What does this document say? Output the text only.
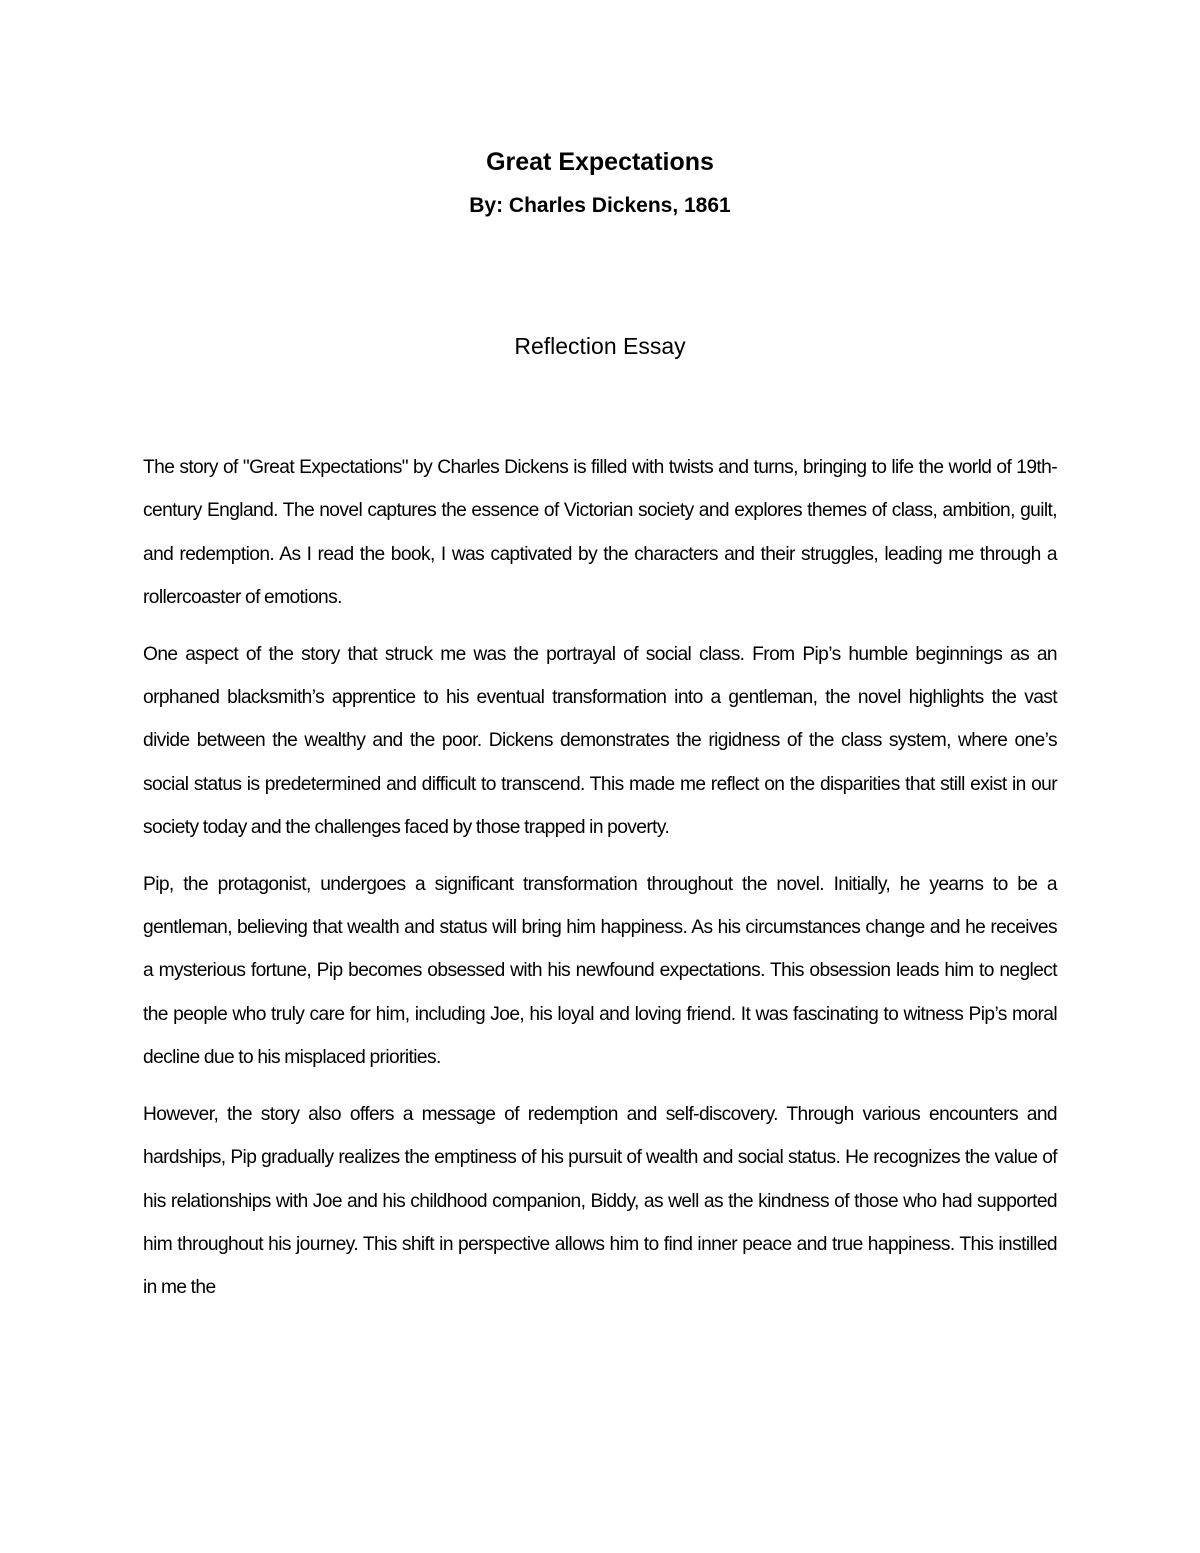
Great Expectations
By: Charles Dickens, 1861
Reflection Essay

The story of "Great Expectations" by Charles Dickens is filled with twists and turns, bringing to life the world of 19th-century England. The novel captures the essence of Victorian society and explores themes of class, ambition, guilt, and redemption. As I read the book, I was captivated by the characters and their struggles, leading me through a rollercoaster of emotions.

One aspect of the story that struck me was the portrayal of social class. From Pip’s humble beginnings as an orphaned blacksmith’s apprentice to his eventual transformation into a gentleman, the novel highlights the vast divide between the wealthy and the poor. Dickens demonstrates the rigidness of the class system, where one’s social status is predetermined and difficult to transcend. This made me reflect on the disparities that still exist in our society today and the challenges faced by those trapped in poverty.

Pip, the protagonist, undergoes a significant transformation throughout the novel. Initially, he yearns to be a gentleman, believing that wealth and status will bring him happiness. As his circumstances change and he receives a mysterious fortune, Pip becomes obsessed with his newfound expectations. This obsession leads him to neglect the people who truly care for him, including Joe, his loyal and loving friend. It was fascinating to witness Pip’s moral decline due to his misplaced priorities.

However, the story also offers a message of redemption and self-discovery. Through various encounters and hardships, Pip gradually realizes the emptiness of his pursuit of wealth and social status. He recognizes the value of his relationships with Joe and his childhood companion, Biddy, as well as the kindness of those who had supported him throughout his journey. This shift in perspective allows him to find inner peace and true happiness. This instilled in me the
